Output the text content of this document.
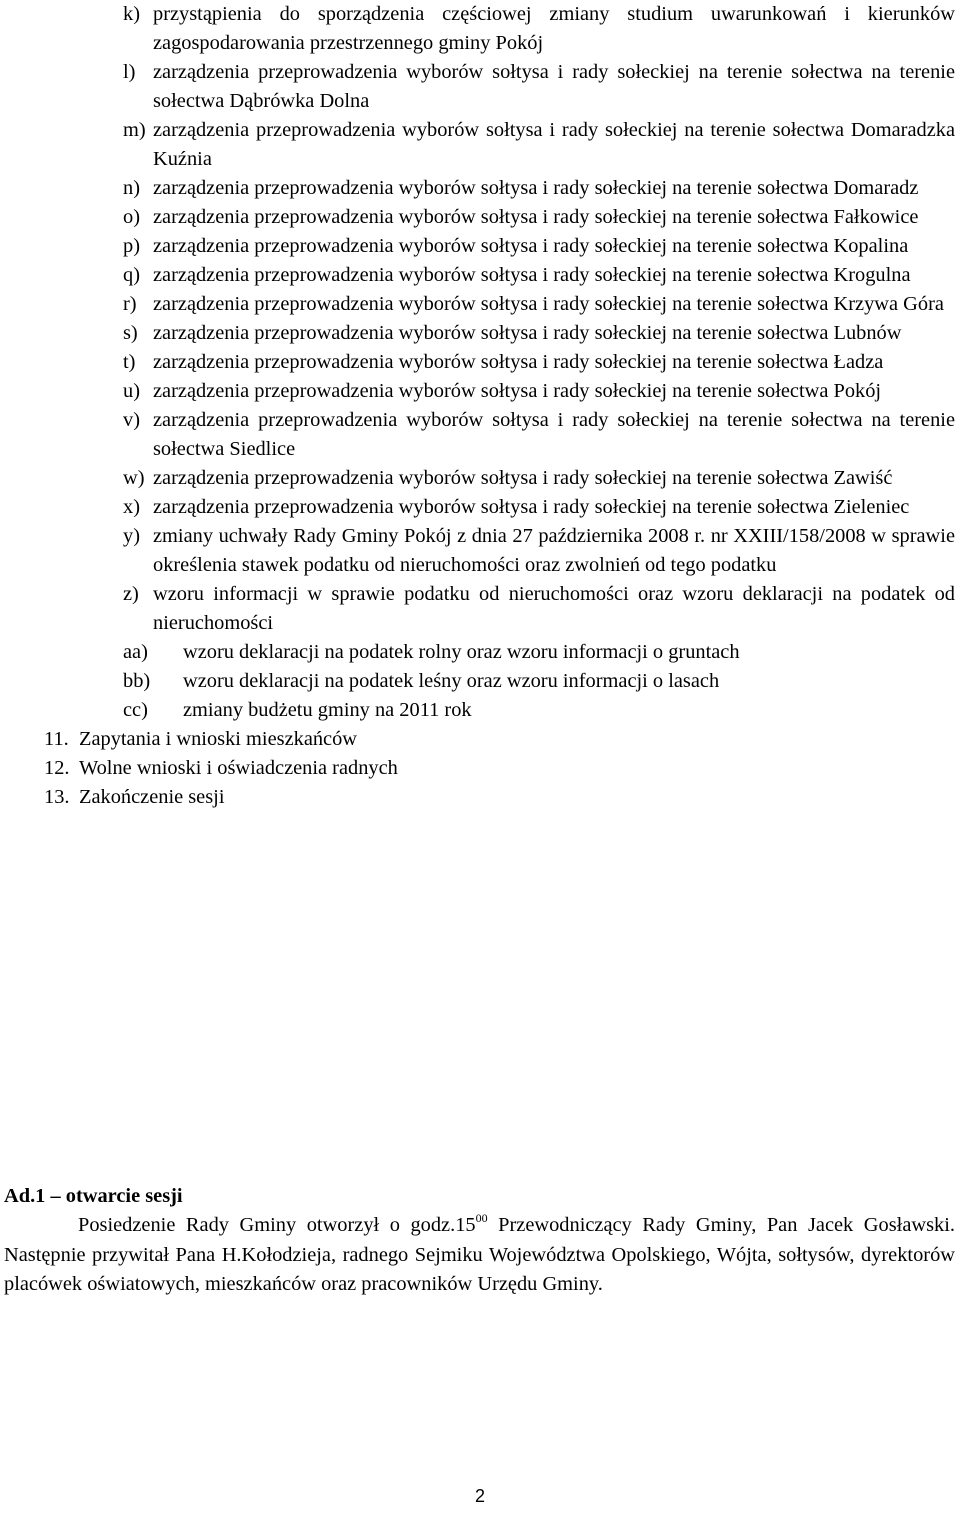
k) przystąpienia do sporządzenia częściowej zmiany studium uwarunkowań i kierunków zagospodarowania przestrzennego gminy Pokój
l) zarządzenia przeprowadzenia wyborów sołtysa i rady sołeckiej na terenie sołectwa na terenie sołectwa Dąbrówka Dolna
m) zarządzenia przeprowadzenia wyborów sołtysa i rady sołeckiej na terenie sołectwa Domaradzka Kuźnia
n) zarządzenia przeprowadzenia wyborów sołtysa i rady sołeckiej na terenie sołectwa Domaradz
o) zarządzenia przeprowadzenia wyborów sołtysa i rady sołeckiej na terenie sołectwa Fałkowice
p) zarządzenia przeprowadzenia wyborów sołtysa i rady sołeckiej na terenie sołectwa Kopalina
q) zarządzenia przeprowadzenia wyborów sołtysa i rady sołeckiej na terenie sołectwa Krogulna
r) zarządzenia przeprowadzenia wyborów sołtysa i rady sołeckiej na terenie sołectwa Krzywa Góra
s) zarządzenia przeprowadzenia wyborów sołtysa i rady sołeckiej na terenie sołectwa Lubnów
t) zarządzenia przeprowadzenia wyborów sołtysa i rady sołeckiej na terenie sołectwa Ładza
u) zarządzenia przeprowadzenia wyborów sołtysa i rady sołeckiej na terenie sołectwa Pokój
v) zarządzenia przeprowadzenia wyborów sołtysa i rady sołeckiej na terenie sołectwa na terenie sołectwa Siedlice
w) zarządzenia przeprowadzenia wyborów sołtysa i rady sołeckiej na terenie sołectwa Zawiść
x) zarządzenia przeprowadzenia wyborów sołtysa i rady sołeckiej na terenie sołectwa Zieleniec
y) zmiany uchwały Rady Gminy Pokój z dnia 27 października 2008 r. nr XXIII/158/2008 w sprawie określenia stawek podatku od nieruchomości oraz zwolnień od tego podatku
z) wzoru informacji w sprawie podatku od nieruchomości oraz wzoru deklaracji na podatek od nieruchomości
aa) wzoru deklaracji na podatek rolny oraz wzoru informacji o gruntach
bb) wzoru deklaracji na podatek leśny oraz wzoru informacji o lasach
cc) zmiany budżetu gminy na 2011 rok
11. Zapytania i wnioski mieszkańców
12. Wolne wnioski i oświadczenia radnych
13. Zakończenie sesji
Ad.1 – otwarcie sesji

Posiedzenie Rady Gminy otworzył o $godz.15^{00}$ Przewodniczący Rady Gminy, Pan Jacek Gosławski. Następnie przywitał Pana H.Kołodzieja, radnego Sejmiku Województwa Opolskiego, Wójta, sołtysów, dyrektorów placówek oświatowych, mieszkańców oraz pracowników Urzędu Gminy.

2
